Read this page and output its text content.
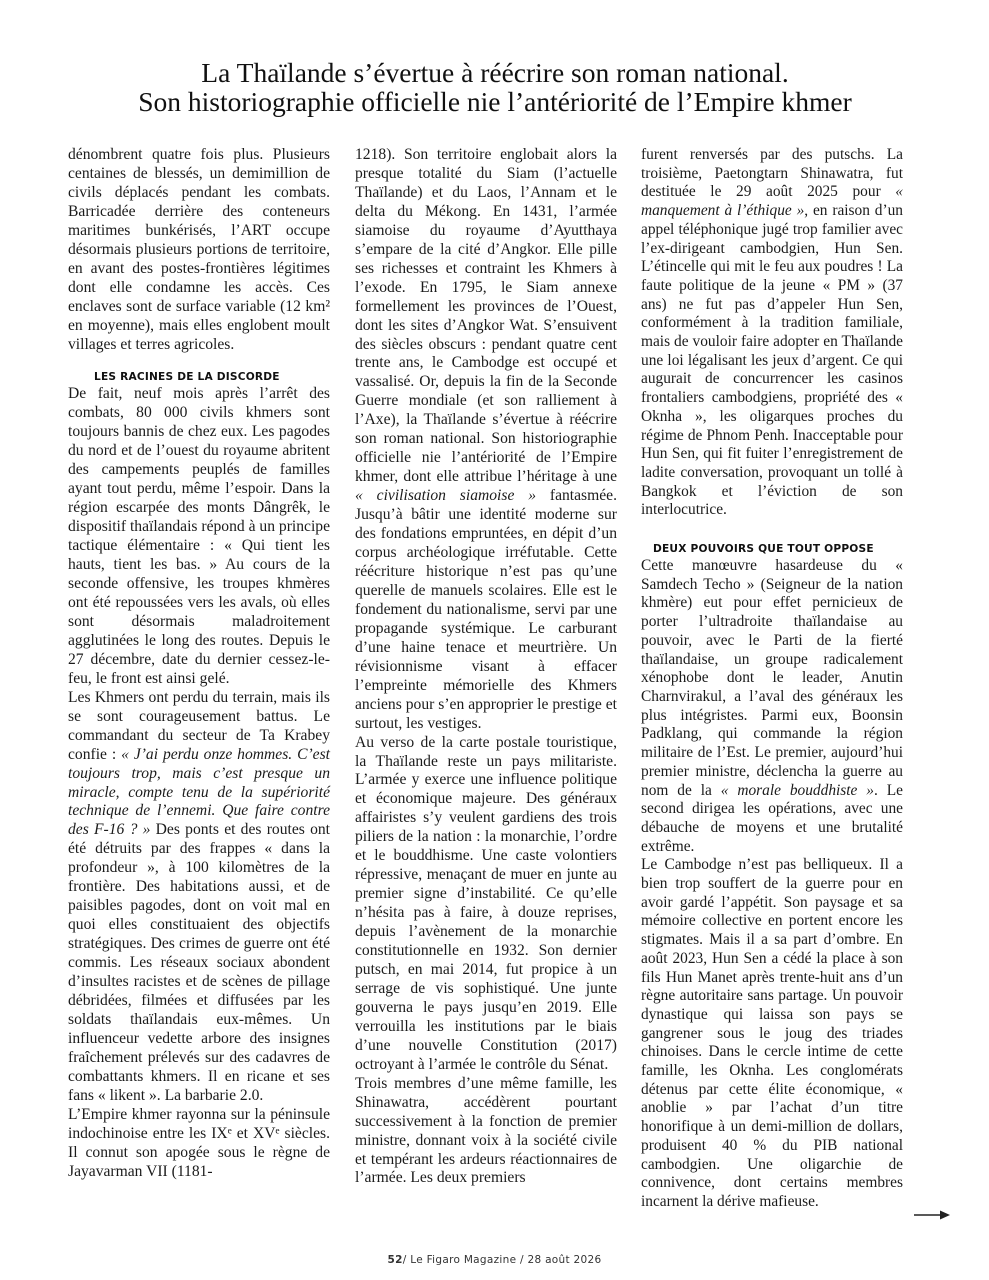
La Thaïlande s’évertue à réécrire son roman national.
Son historiographie officielle nie l’antériorité de l’Empire khmer

dénombrent quatre fois plus. Plusieurs centaines de blessés, un demimillion de civils déplacés pendant les combats. Barricadée derrière des conteneurs maritimes bunkérisés, l’ART occupe désormais plusieurs portions de territoire, en avant des postes-frontières légitimes dont elle condamne les accès. Ces enclaves sont de surface variable (12 km² en moyenne), mais elles englobent moult villages et terres agricoles.

LES RACINES DE LA DISCORDE

De fait, neuf mois après l’arrêt des combats, 80 000 civils khmers sont toujours bannis de chez eux. Les pagodes du nord et de l’ouest du royaume abritent des campements peuplés de familles ayant tout perdu, même l’espoir. Dans la région escarpée des monts Dângrêk, le dispositif thaïlandais répond à un principe tactique élémentaire : « Qui tient les hauts, tient les bas. » Au cours de la seconde offensive, les troupes khmères ont été repoussées vers les avals, où elles sont désormais maladroitement agglutinées le long des routes. Depuis le 27 décembre, date du dernier cessez-le-feu, le front est ainsi gelé.

Les Khmers ont perdu du terrain, mais ils se sont courageusement battus. Le commandant du secteur de Ta Krabey confie : « J’ai perdu onze hommes. C’est toujours trop, mais c’est presque un miracle, compte tenu de la supériorité technique de l’ennemi. Que faire contre des F-16 ? » Des ponts et des routes ont été détruits par des frappes « dans la profondeur », à 100 kilomètres de la frontière. Des habitations aussi, et de paisibles pagodes, dont on voit mal en quoi elles constituaient des objectifs stratégiques. Des crimes de guerre ont été commis. Les réseaux sociaux abondent d’insultes racistes et de scènes de pillage débridées, filmées et diffusées par les soldats thaïlandais eux-mêmes. Un influenceur vedette arbore des insignes fraîchement prélevés sur des cadavres de combattants khmers. Il en ricane et ses fans « likent ». La barbarie 2.0.

L’Empire khmer rayonna sur la péninsule indochinoise entre les IXᵉ et XVᵉ siècles. Il connut son apogée sous le règne de Jayavarman VII (1181-

1218). Son territoire englobait alors la presque totalité du Siam (l’actuelle Thaïlande) et du Laos, l’Annam et le delta du Mékong. En 1431, l’armée siamoise du royaume d’Ayutthaya s’empare de la cité d’Angkor. Elle pille ses richesses et contraint les Khmers à l’exode. En 1795, le Siam annexe formellement les provinces de l’Ouest, dont les sites d’Angkor Wat. S’ensuivent des siècles obscurs : pendant quatre cent trente ans, le Cambodge est occupé et vassalisé. Or, depuis la fin de la Seconde Guerre mondiale (et son ralliement à l’Axe), la Thaïlande s’évertue à réécrire son roman national. Son historiographie officielle nie l’antériorité de l’Empire khmer, dont elle attribue l’héritage à une « civilisation siamoise » fantasmée. Jusqu’à bâtir une identité moderne sur des fondations empruntées, en dépit d’un corpus archéologique irréfutable. Cette réécriture historique n’est pas qu’une querelle de manuels scolaires. Elle est le fondement du nationalisme, servi par une propagande systémique. Le carburant d’une haine tenace et meurtrière. Un révisionnisme visant à effacer l’empreinte mémorielle des Khmers anciens pour s’en approprier le prestige et surtout, les vestiges.

Au verso de la carte postale touristique, la Thaïlande reste un pays militariste. L’armée y exerce une influence politique et économique majeure. Des généraux affairistes s’y veulent gardiens des trois piliers de la nation : la monarchie, l’ordre et le bouddhisme. Une caste volontiers répressive, menaçant de muer en junte au premier signe d’instabilité. Ce qu’elle n’hésita pas à faire, à douze reprises, depuis l’avènement de la monarchie constitutionnelle en 1932. Son dernier putsch, en mai 2014, fut propice à un serrage de vis sophistiqué. Une junte gouverna le pays jusqu’en 2019. Elle verrouilla les institutions par le biais d’une nouvelle Constitution (2017) octroyant à l’armée le contrôle du Sénat.

Trois membres d’une même famille, les Shinawatra, accédèrent pourtant successivement à la fonction de premier ministre, donnant voix à la société civile et tempérant les ardeurs réactionnaires de l’armée. Les deux premiers

furent renversés par des putschs. La troisième, Paetongtarn Shinawatra, fut destituée le 29 août 2025 pour « manquement à l’éthique », en raison d’un appel téléphonique jugé trop familier avec l’ex-dirigeant cambodgien, Hun Sen. L’étincelle qui mit le feu aux poudres ! La faute politique de la jeune « PM » (37 ans) ne fut pas d’appeler Hun Sen, conformément à la tradition familiale, mais de vouloir faire adopter en Thaïlande une loi légalisant les jeux d’argent. Ce qui augurait de concurrencer les casinos frontaliers cambodgiens, propriété des « Oknha », les oligarques proches du régime de Phnom Penh. Inacceptable pour Hun Sen, qui fit fuiter l’enregistrement de ladite conversation, provoquant un tollé à Bangkok et l’éviction de son interlocutrice.

DEUX POUVOIRS QUE TOUT OPPOSE

Cette manœuvre hasardeuse du « Samdech Techo » (Seigneur de la nation khmère) eut pour effet pernicieux de porter l’ultradroite thaïlandaise au pouvoir, avec le Parti de la fierté thaïlandaise, un groupe radicalement xénophobe dont le leader, Anutin Charnvirakul, a l’aval des généraux les plus intégristes. Parmi eux, Boonsin Padklang, qui commande la région militaire de l’Est. Le premier, aujourd’hui premier ministre, déclencha la guerre au nom de la « morale bouddhiste ». Le second dirigea les opérations, avec une débauche de moyens et une brutalité extrême.

Le Cambodge n’est pas belliqueux. Il a bien trop souffert de la guerre pour en avoir gardé l’appétit. Son paysage et sa mémoire collective en portent encore les stigmates. Mais il a sa part d’ombre. En août 2023, Hun Sen a cédé la place à son fils Hun Manet après trente-huit ans d’un règne autoritaire sans partage. Un pouvoir dynastique qui laissa son pays se gangrener sous le joug des triades chinoises. Dans le cercle intime de cette famille, les Oknha. Les conglomérats détenus par cette élite économique, « anoblie » par l’achat d’un titre honorifique à un demi-million de dollars, produisent 40 % du PIB national cambodgien. Une oligarchie de connivence, dont certains membres incarnent la dérive mafieuse.

52/ Le Figaro Magazine / 28 août 2026
